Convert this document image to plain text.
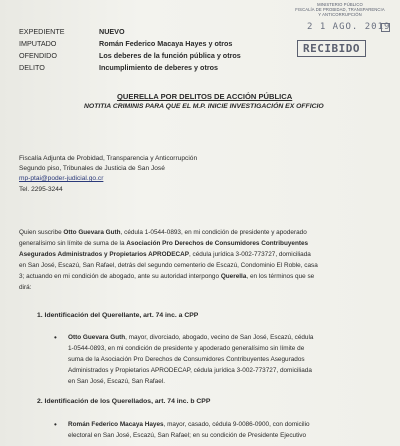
EXPEDIENTE	NUEVO
IMPUTADO	Román Federico Macaya Hayes y otros
OFENDIDO	Los deberes de la función pública y otros
DELITO	Incumplimiento de deberes y otros
MINISTERIO PÚBLICO
FISCALÍA DE PROBIDAD, TRANSPARENCIA
Y ANTICORRUPCIÓN
2 1 AGO. 2019
RECIBIDO
QUERELLA POR DELITOS DE ACCIÓN PÚBLICA
NOTITIA CRIMINIS PARA QUE EL M.P. INICIE INVESTIGACIÓN EX OFFICIO
Fiscalía Adjunta de Probidad, Transparencia y Anticorrupción
Segundo piso, Tribunales de Justicia de San José
mp-ptai@poder-judicial.go.cr
Tel. 2295-3244
Quien suscribe Otto Guevara Guth, cédula 1-0544-0893, en mi condición de presidente y apoderado
generalísimo sin límite de suma de la Asociación Pro Derechos de Consumidores Contribuyentes
Asegurados Administrados y Propietarios APRODECAP, cédula jurídica 3-002-773727, domiciliada
en San José, Escazú, San Rafael, detrás del segundo cementerio de Escazú, Condominio El Roble, casa
3; actuando en mi condición de abogado, ante su autoridad interpongo Querella, en los términos que se
dirá:
1. Identificación del Querellante, art. 74 inc. a CPP
• Otto Guevara Guth, mayor, divorciado, abogado, vecino de San José, Escazú, cédula
1-0544-0893, en mi condición de presidente y apoderado generalísimo sin límite de
suma de la Asociación Pro Derechos de Consumidores Contribuyentes Asegurados
Administrados y Propietarios APRODECAP, cédula jurídica 3-002-773727, domiciliada
en San José, Escazú, San Rafael.
2. Identificación de los Querellados, art. 74 inc. b CPP
• Román Federico Macaya Hayes, mayor, casado, cédula 9-0086-0900, con domicilio
electoral en San José, Escazú, San Rafael; en su condición de Presidente Ejecutivo
